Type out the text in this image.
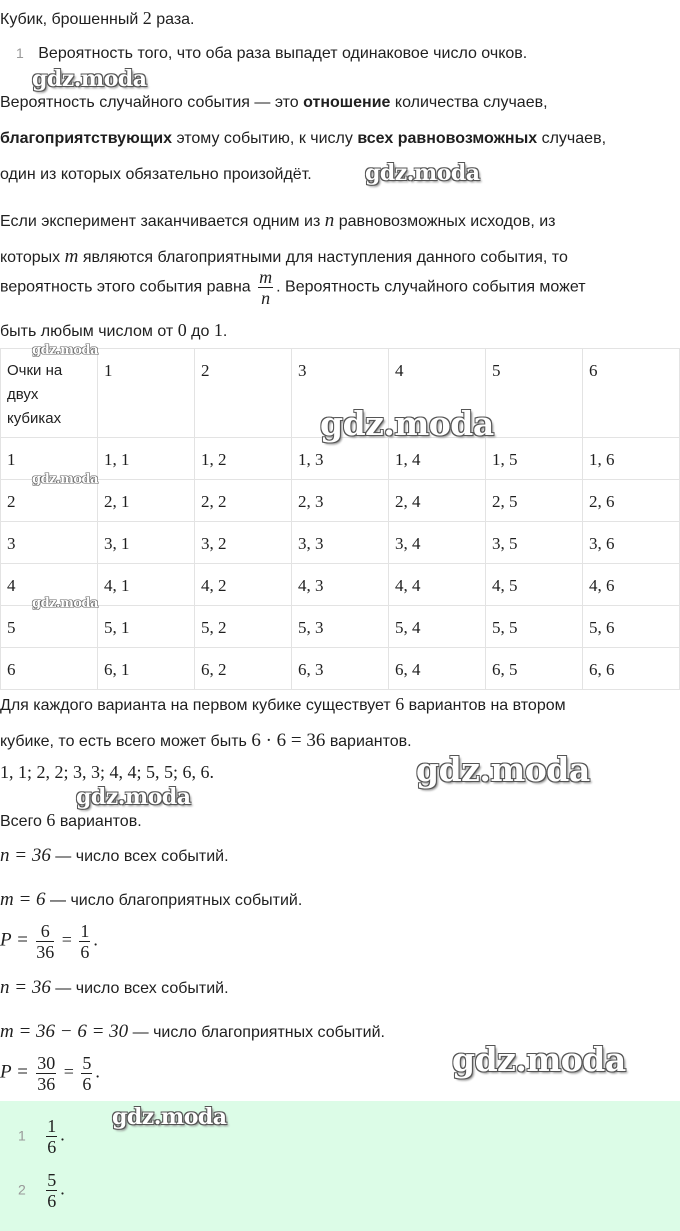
Кубик, брошенный 2 раза.
1 Вероятность того, что оба раза выпадет одинаковое число очков.
Вероятность случайного события — это отношение количества случаев,
благоприятствующих этому событию, к числу всех равновозможных случаев,
один из которых обязательно произойдёт.
Если эксперимент заканчивается одним из n равновозможных исходов, из
которых m являются благоприятными для наступления данного события, то
вероятность этого события равна $\frac{m}{n}$ . Вероятность случайного события может
быть любым числом от 0 до 1.
Очки на двух кубиках	1	2	3	4	5	6
1	1, 1	1, 2	1, 3	1, 4	1, 5	1, 6
2	2, 1	2, 2	2, 3	2, 4	2, 5	2, 6
3	3, 1	3, 2	3, 3	3, 4	3, 5	3, 6
4	4, 1	4, 2	4, 3	4, 4	4, 5	4, 6
5	5, 1	5, 2	5, 3	5, 4	5, 5	5, 6
6	6, 1	6, 2	6, 3	6, 4	6, 5	6, 6
Для каждого варианта на первом кубике существует 6 вариантов на втором
кубике, то есть всего может быть 6 · 6 = 36 вариантов.
1, 1; 2, 2; 3, 3; 4, 4; 5, 5; 6, 6.
Всего 6 вариантов.
n = 36 — число всех событий.
m = 6 — число благоприятных событий.
$P = \frac{6}{36} = \frac{1}{6}$ .
n = 36 — число всех событий.
m = 36 − 6 = 30 — число благоприятных событий.
$P = \frac{30}{36} = \frac{5}{6}$ .
$1 \frac{1}{6}$ .
$2 \frac{5}{6}$ .
gdz.moda
gdz.moda
gdz.moda
gdz.moda
gdz.moda
gdz.moda
gdz.moda
gdz.moda
gdz.moda
gdz.moda
